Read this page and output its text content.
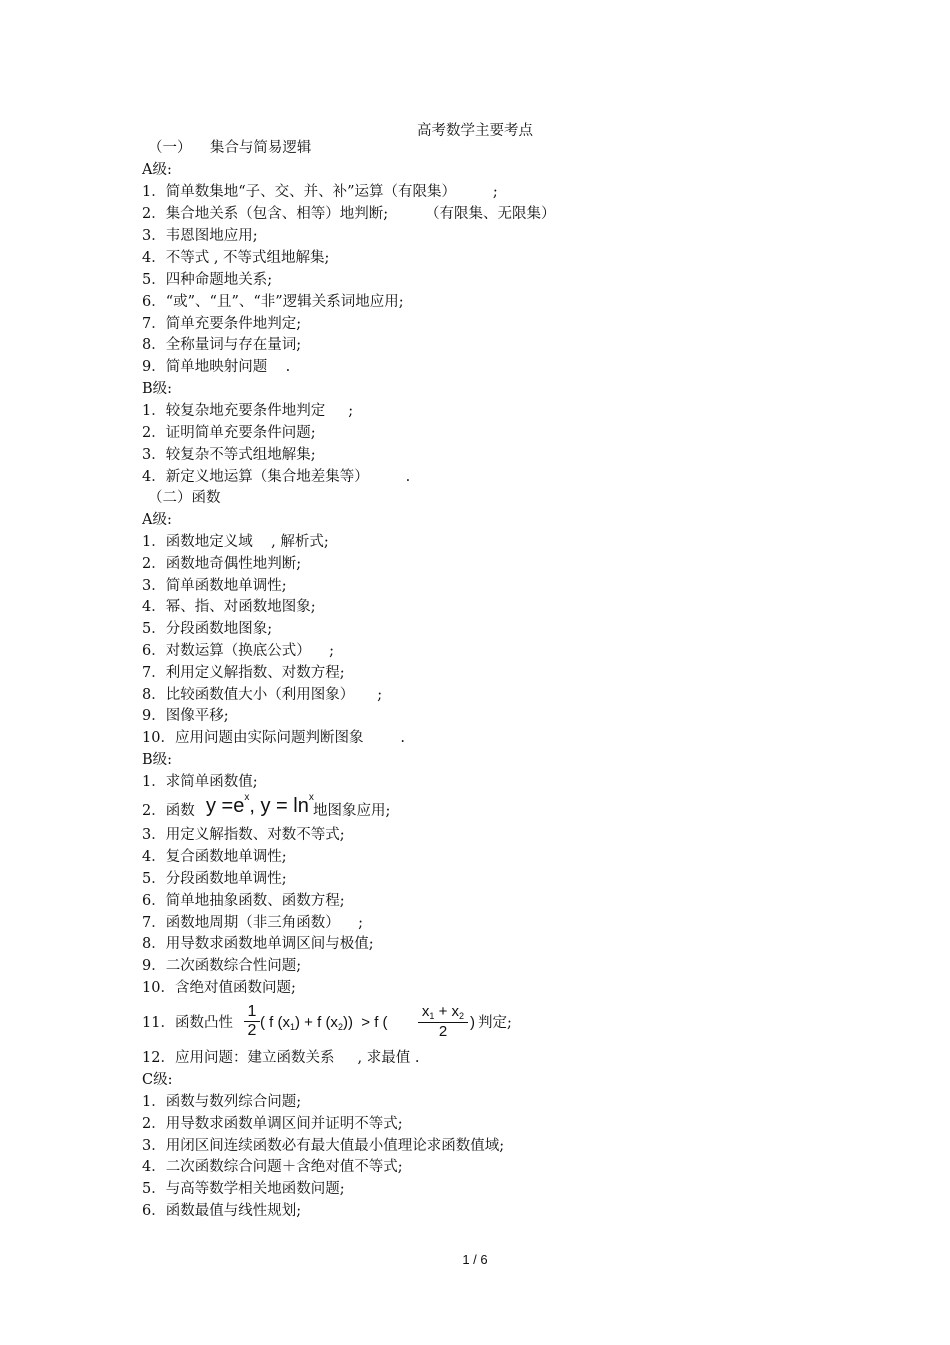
高考数学主要考点
（一）    集合与简易逻辑
A级:
1．简单数集地“子、交、并、补”运算（有限集）        ;
2．集合地关系（包含、相等）地判断;        （有限集、无限集）
3．韦恩图地应用;
4．不等式 , 不等式组地解集;
5．四种命题地关系;
6．“或”、“且”、“非”逻辑关系词地应用;
7．简单充要条件地判定;
8．全称量词与存在量词;
9．简单地映射问题    .
B级:
1．较复杂地充要条件地判定     ;
2．证明简单充要条件问题;
3．较复杂不等式组地解集;
4．新定义地运算（集合地差集等）        .
（二）函数
A级:
1．函数地定义域    , 解析式;
2．函数地奇偶性地判断;
3．简单函数地单调性;
4．幂、指、对函数地图象;
5．分段函数地图象;
6．对数运算（换底公式）    ;
7．利用定义解指数、对数方程;
8．比较函数值大小（利用图象）     ;
9．图像平移;
10．应用问题由实际问题判断图象        .
B级:
1．求简单函数值;
2．函数 $y =e^x$, $y = \ln^x$
地图象应用;
3．用定义解指数、对数不等式;
4．复合函数地单调性;
5．分段函数地单调性;
6．简单地抽象函数、函数方程;
7．函数地周期（非三角函数）    ;
8．用导数求函数地单调区间与极值;
9．二次函数综合性问题;
10．含绝对值函数问题;
11．函数凸性 $\frac{1}{2}$ ( f $(x_1) + f$ $(x_2)) > f$ ( $\frac{x_1 + x_2}{2}$ ) 判定;
12．应用问题：建立函数关系     , 求最值 .
C级:
1．函数与数列综合问题;
2．用导数求函数单调区间并证明不等式;
3．用闭区间连续函数必有最大值最小值理论求函数值域;
4．二次函数综合问题＋含绝对值不等式;
5．与高等数学相关地函数问题;
6．函数最值与线性规划;
1 / 6
